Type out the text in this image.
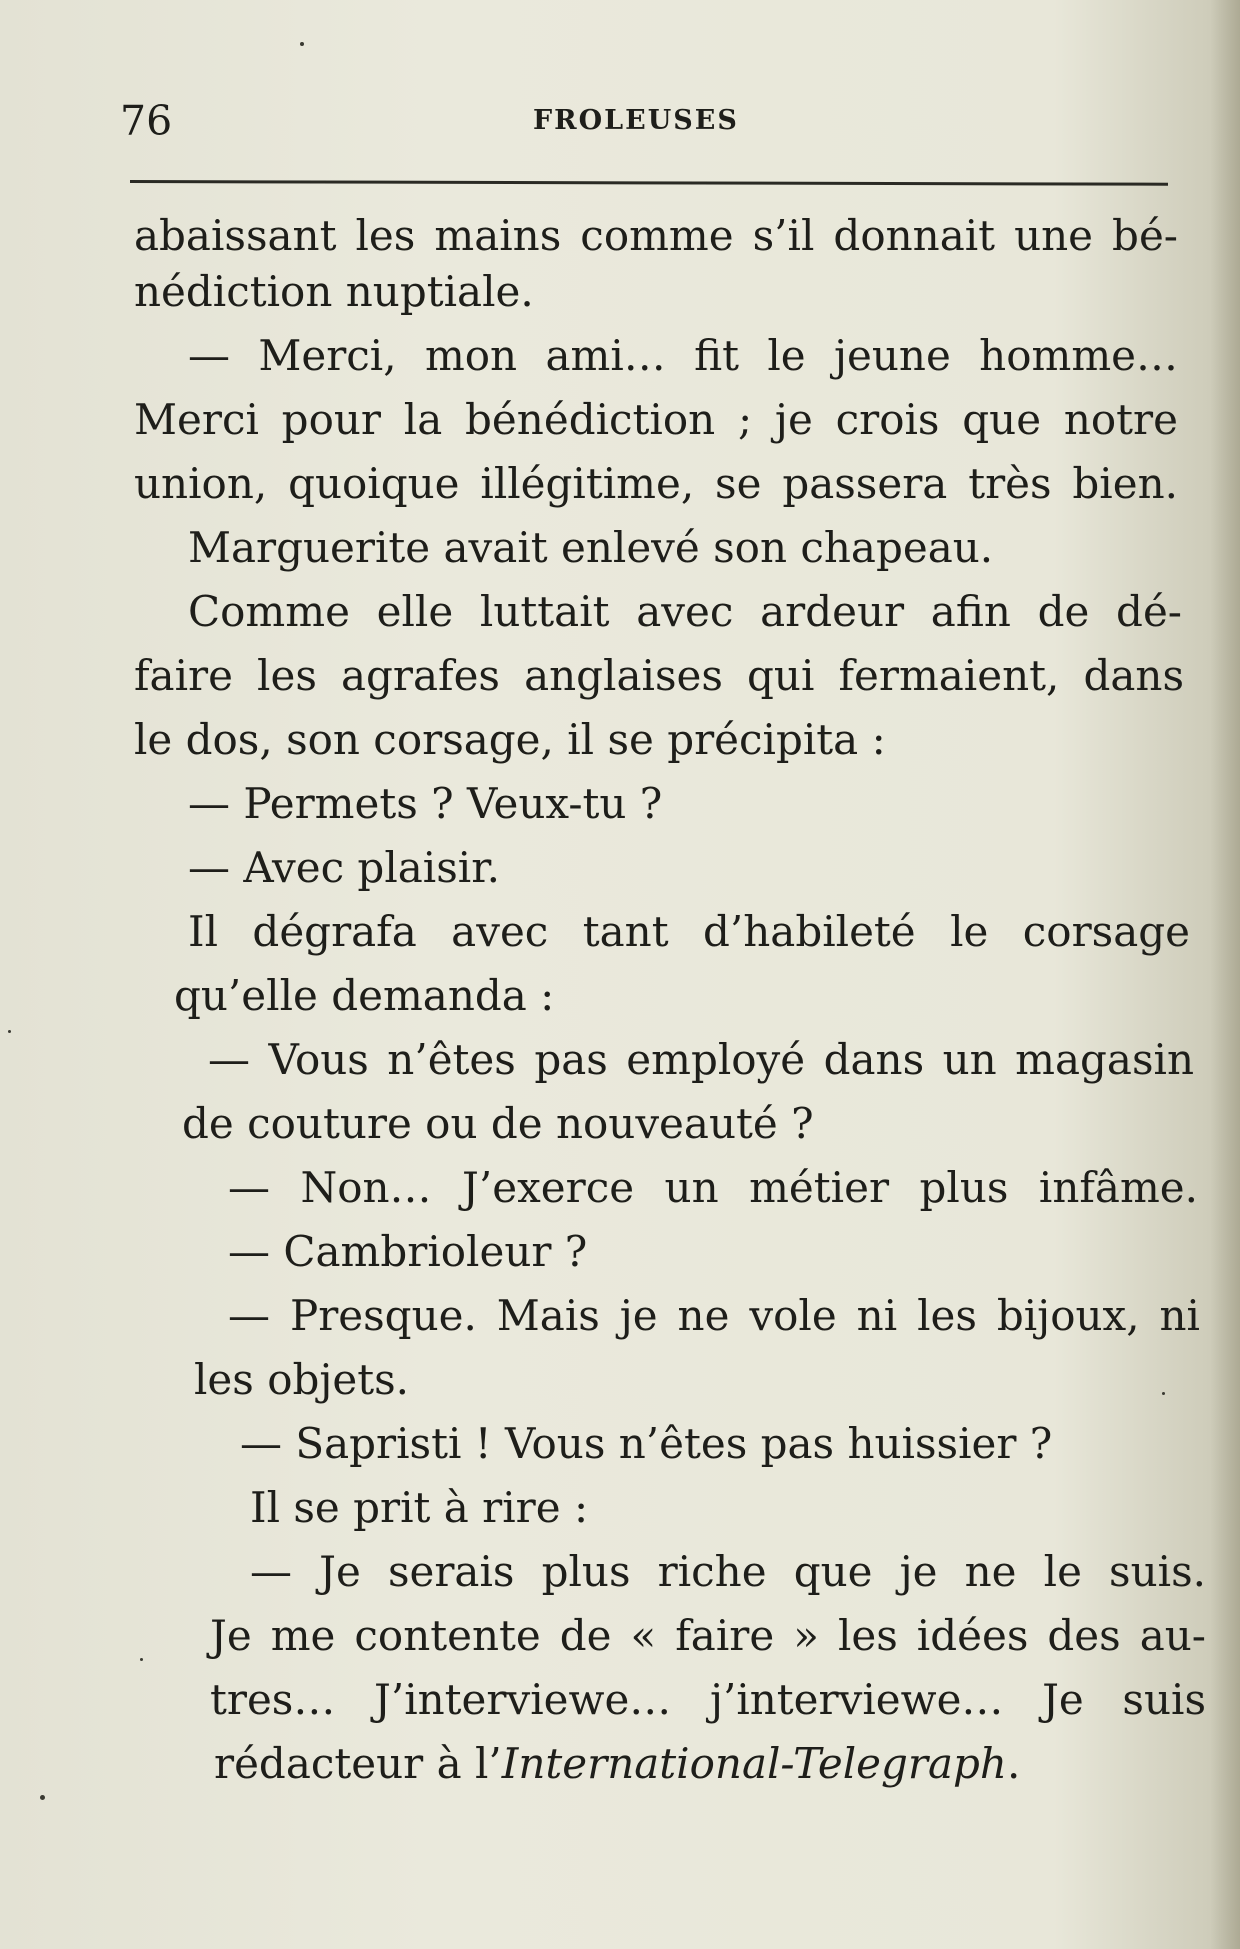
76	FROLEUSES
abaissant les mains comme s’il donnait une bé-
nédiction nuptiale.
— Merci, mon ami… fit le jeune homme…
Merci pour la bénédiction ; je crois que notre
union, quoique illégitime, se passera très bien.
Marguerite avait enlevé son chapeau.
Comme elle luttait avec ardeur afin de dé-
faire les agrafes anglaises qui fermaient, dans
le dos, son corsage, il se précipita :
— Permets ? Veux-tu ?
— Avec plaisir.
Il dégrafa avec tant d’habileté le corsage
qu’elle demanda :
— Vous n’êtes pas employé dans un magasin
de couture ou de nouveauté ?
— Non… J’exerce un métier plus infâme.
— Cambrioleur ?
— Presque. Mais je ne vole ni les bijoux, ni
les objets.
— Sapristi ! Vous n’êtes pas huissier ?
Il se prit à rire :
— Je serais plus riche que je ne le suis.
Je me contente de « faire » les idées des au-
tres… J’interviewe… j’interviewe… Je suis
rédacteur à l’International-Telegraph.
